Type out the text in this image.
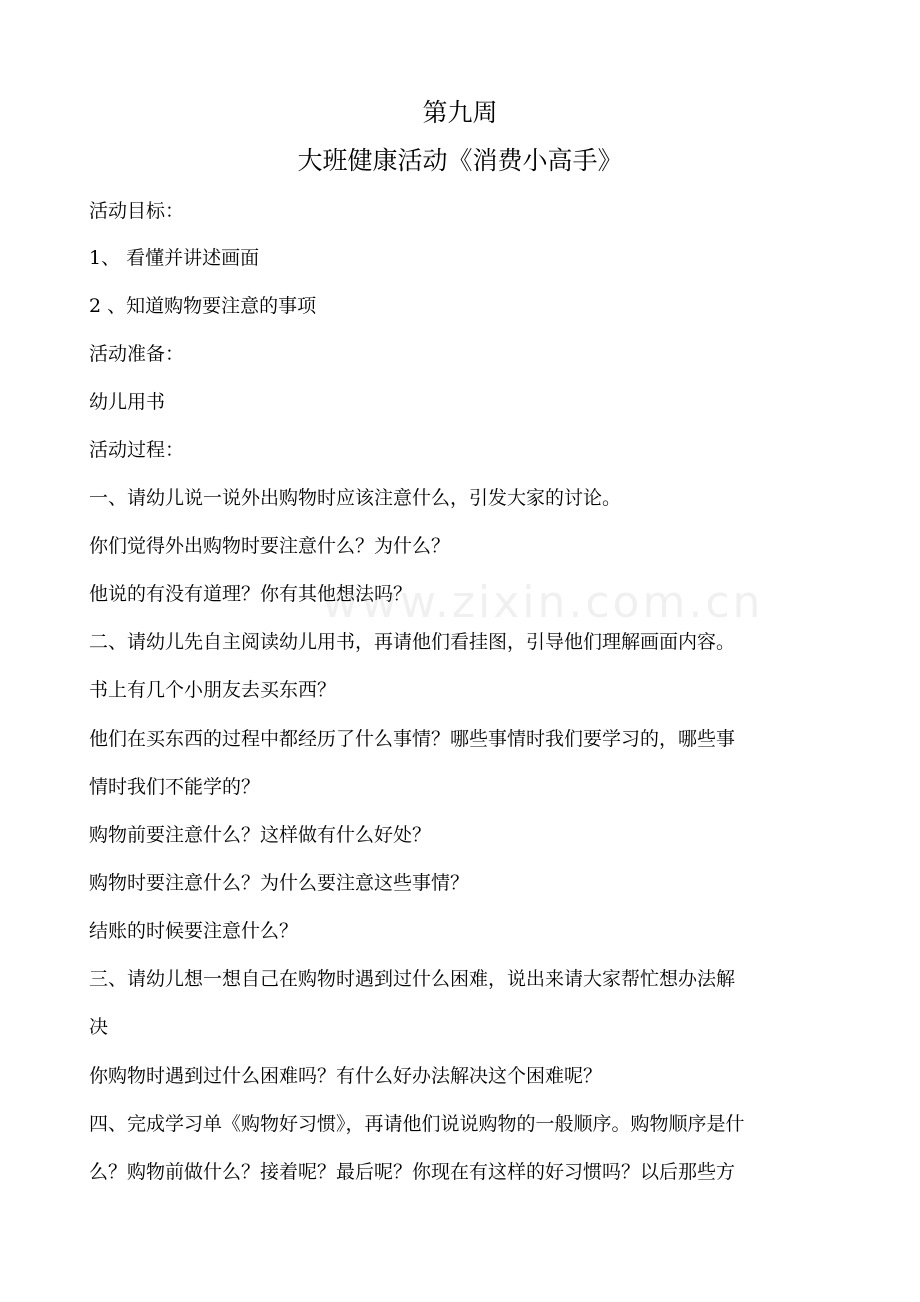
www.zixin.com.cn
第九周
大班健康活动《消费小高手》
活动目标：
1、 看懂并讲述画面
2 、知道购物要注意的事项
活动准备：
幼儿用书
活动过程：
一、请幼儿说一说外出购物时应该注意什么，引发大家的讨论。
你们觉得外出购物时要注意什么？为什么？
他说的有没有道理？你有其他想法吗？
二、请幼儿先自主阅读幼儿用书，再请他们看挂图，引导他们理解画面内容。
书上有几个小朋友去买东西？
他们在买东西的过程中都经历了什么事情？哪些事情时我们要学习的，哪些事
情时我们不能学的？
购物前要注意什么？这样做有什么好处？
购物时要注意什么？为什么要注意这些事情？
结账的时候要注意什么？
三、请幼儿想一想自己在购物时遇到过什么困难，说出来请大家帮忙想办法解
决
你购物时遇到过什么困难吗？有什么好办法解决这个困难呢？
四、完成学习单《购物好习惯》，再请他们说说购物的一般顺序。购物顺序是什
么？购物前做什么？接着呢？最后呢？你现在有这样的好习惯吗？以后那些方
